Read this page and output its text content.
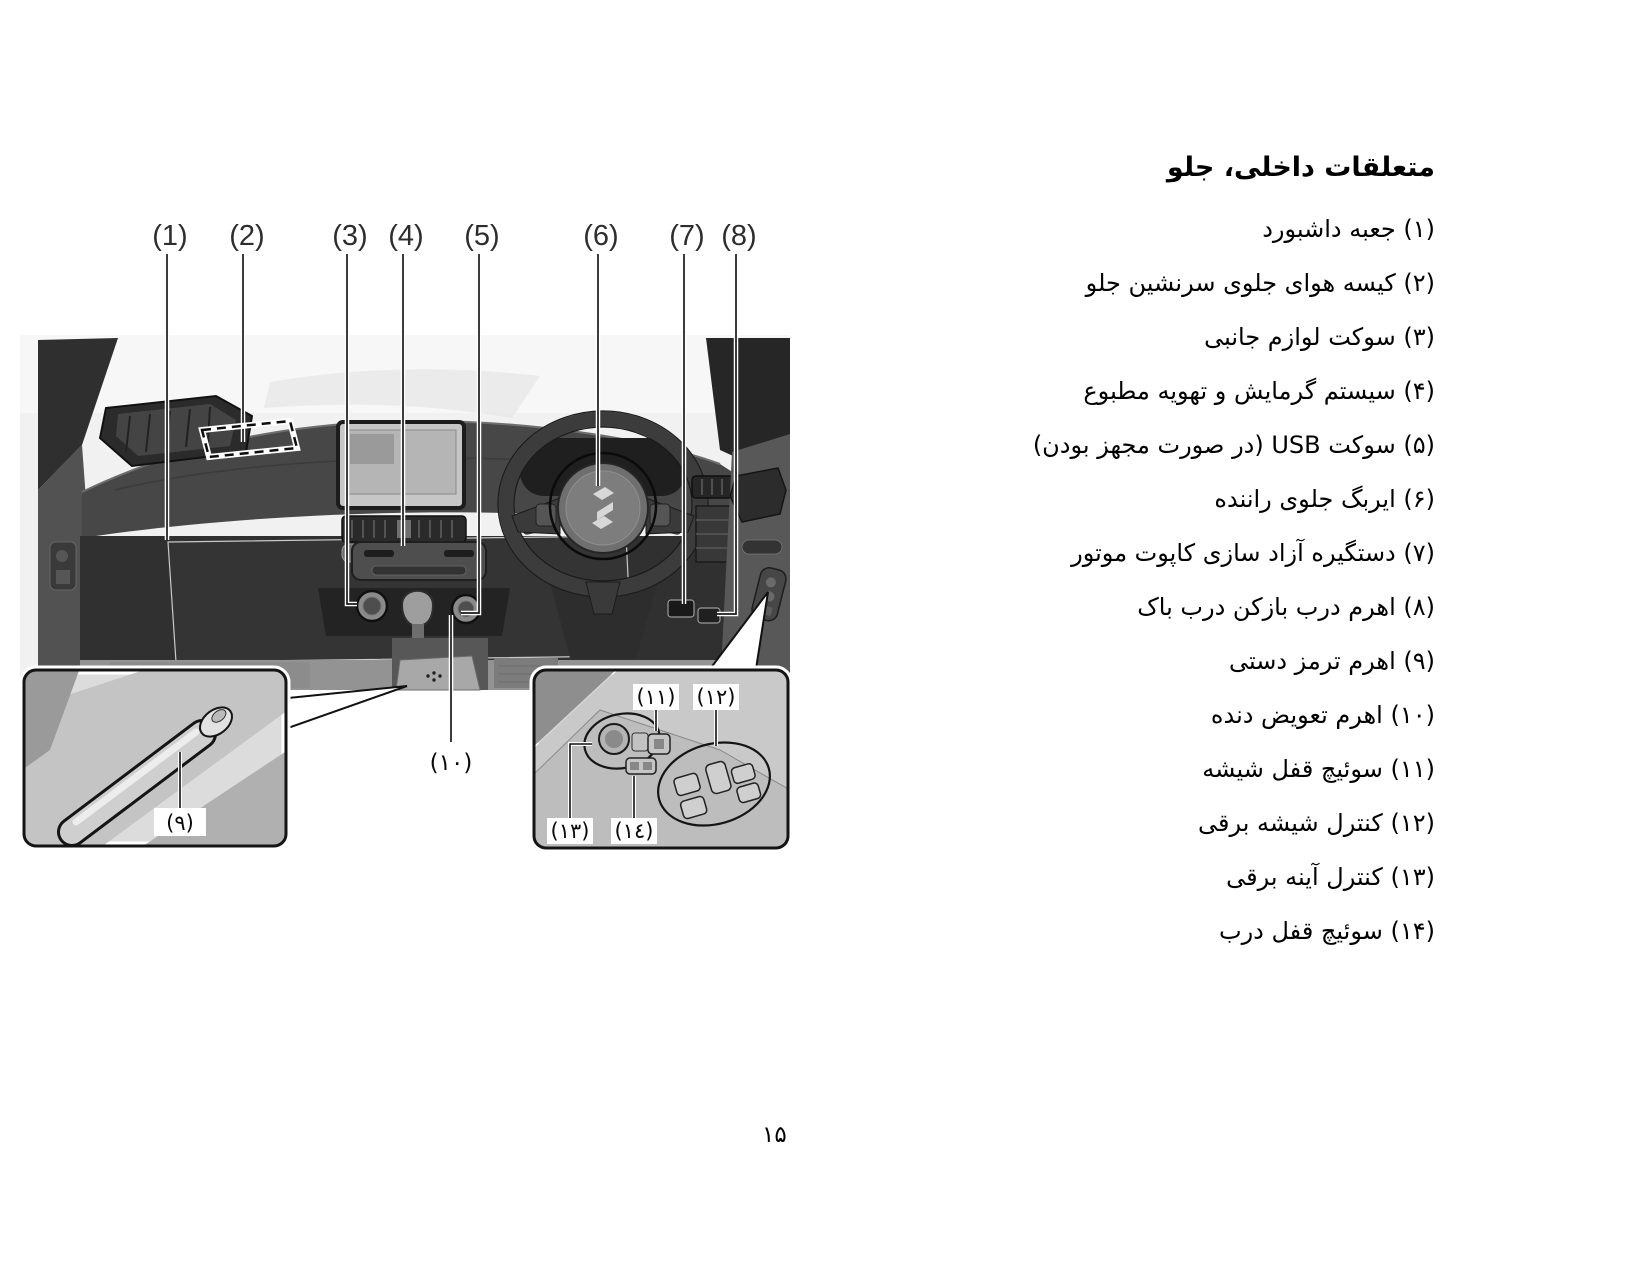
متعلقات داخلی، جلو
(۱) جعبه داشبورد
(۲) کیسه هوای جلوی سرنشین جلو
(۳) سوکت لوازم جانبی
(۴) سیستم گرمایش و تهویه مطبوع
(۵) سوکت USB (در صورت مجهز بودن)
(۶) ایربگ جلوی راننده
(۷) دستگیره آزاد سازی کاپوت موتور
(۸) اهرم درب بازکن درب باک
(۹) اهرم ترمز دستی
(۱۰) اهرم تعویض دنده
(۱۱) سوئیچ قفل شیشه
(۱۲) کنترل شیشه برقی
(۱۳) کنترل آینه برقی
(۱۴) سوئیچ قفل درب
(٩)
(١١) (١٢)
(١٣) (١٤)
(1) (2) (3) (4) (5)	(6) (7) (8)
(١٠)
۱۵
